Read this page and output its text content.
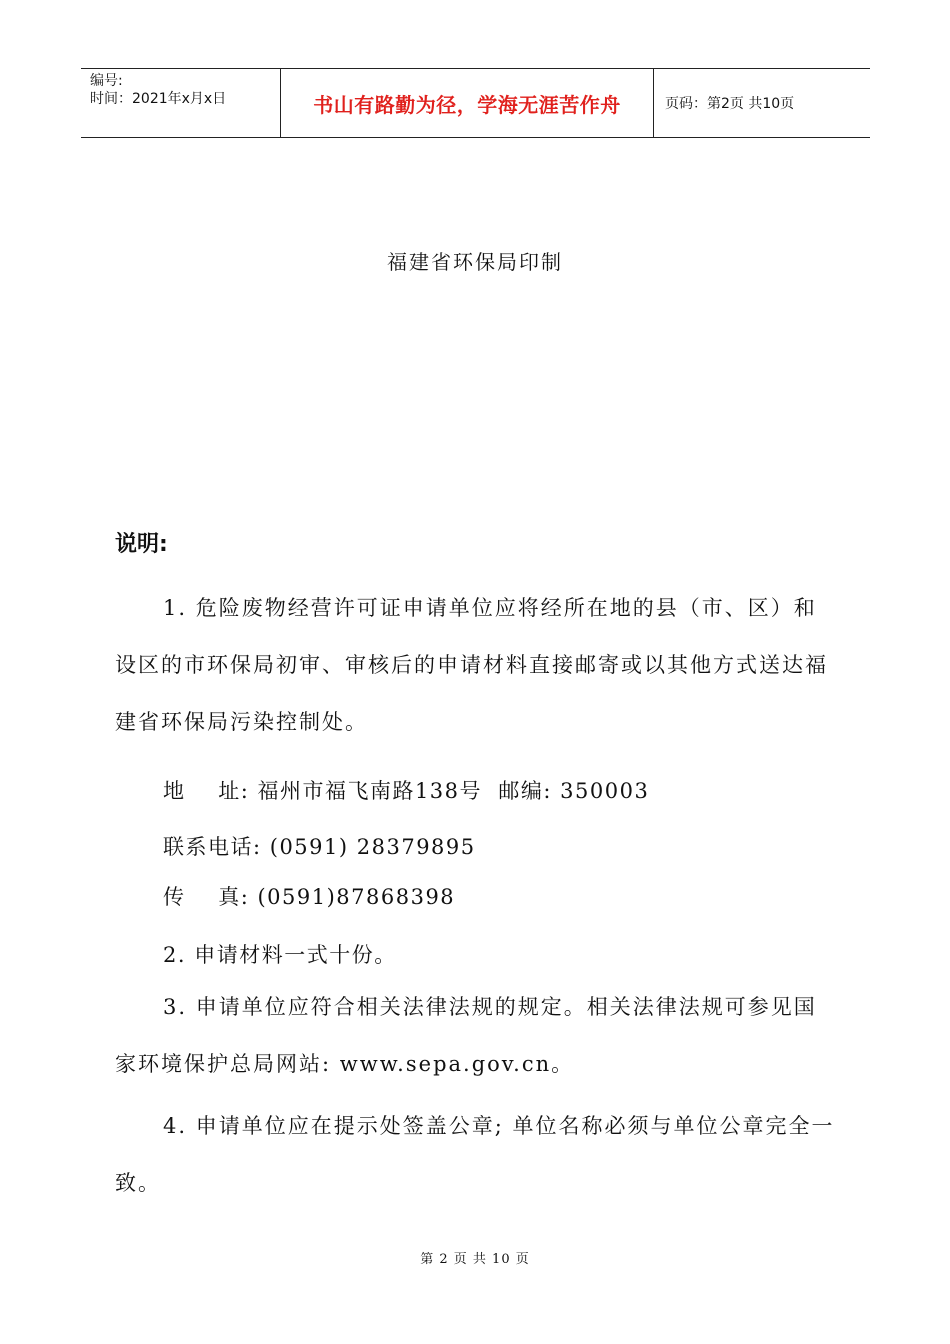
编号:
时间：2021年x月x日	书山有路勤为径，学海无涯苦作舟	页码：第2页 共10页
福建省环保局印制
说明:
1. 危险废物经营许可证申请单位应将经所在地的县（市、区）和设区的市环保局初审、审核后的申请材料直接邮寄或以其他方式送达福建省环保局污染控制处。
地    址: 福州市福飞南路138号  邮编: 350003
联系电话: (0591) 28379895
传    真: (0591)87868398
2. 申请材料一式十份。
3. 申请单位应符合相关法律法规的规定。相关法律法规可参见国家环境保护总局网站: www.sepa.gov.cn。
4. 申请单位应在提示处签盖公章; 单位名称必须与单位公章完全一致。
第 2 页 共 10 页
